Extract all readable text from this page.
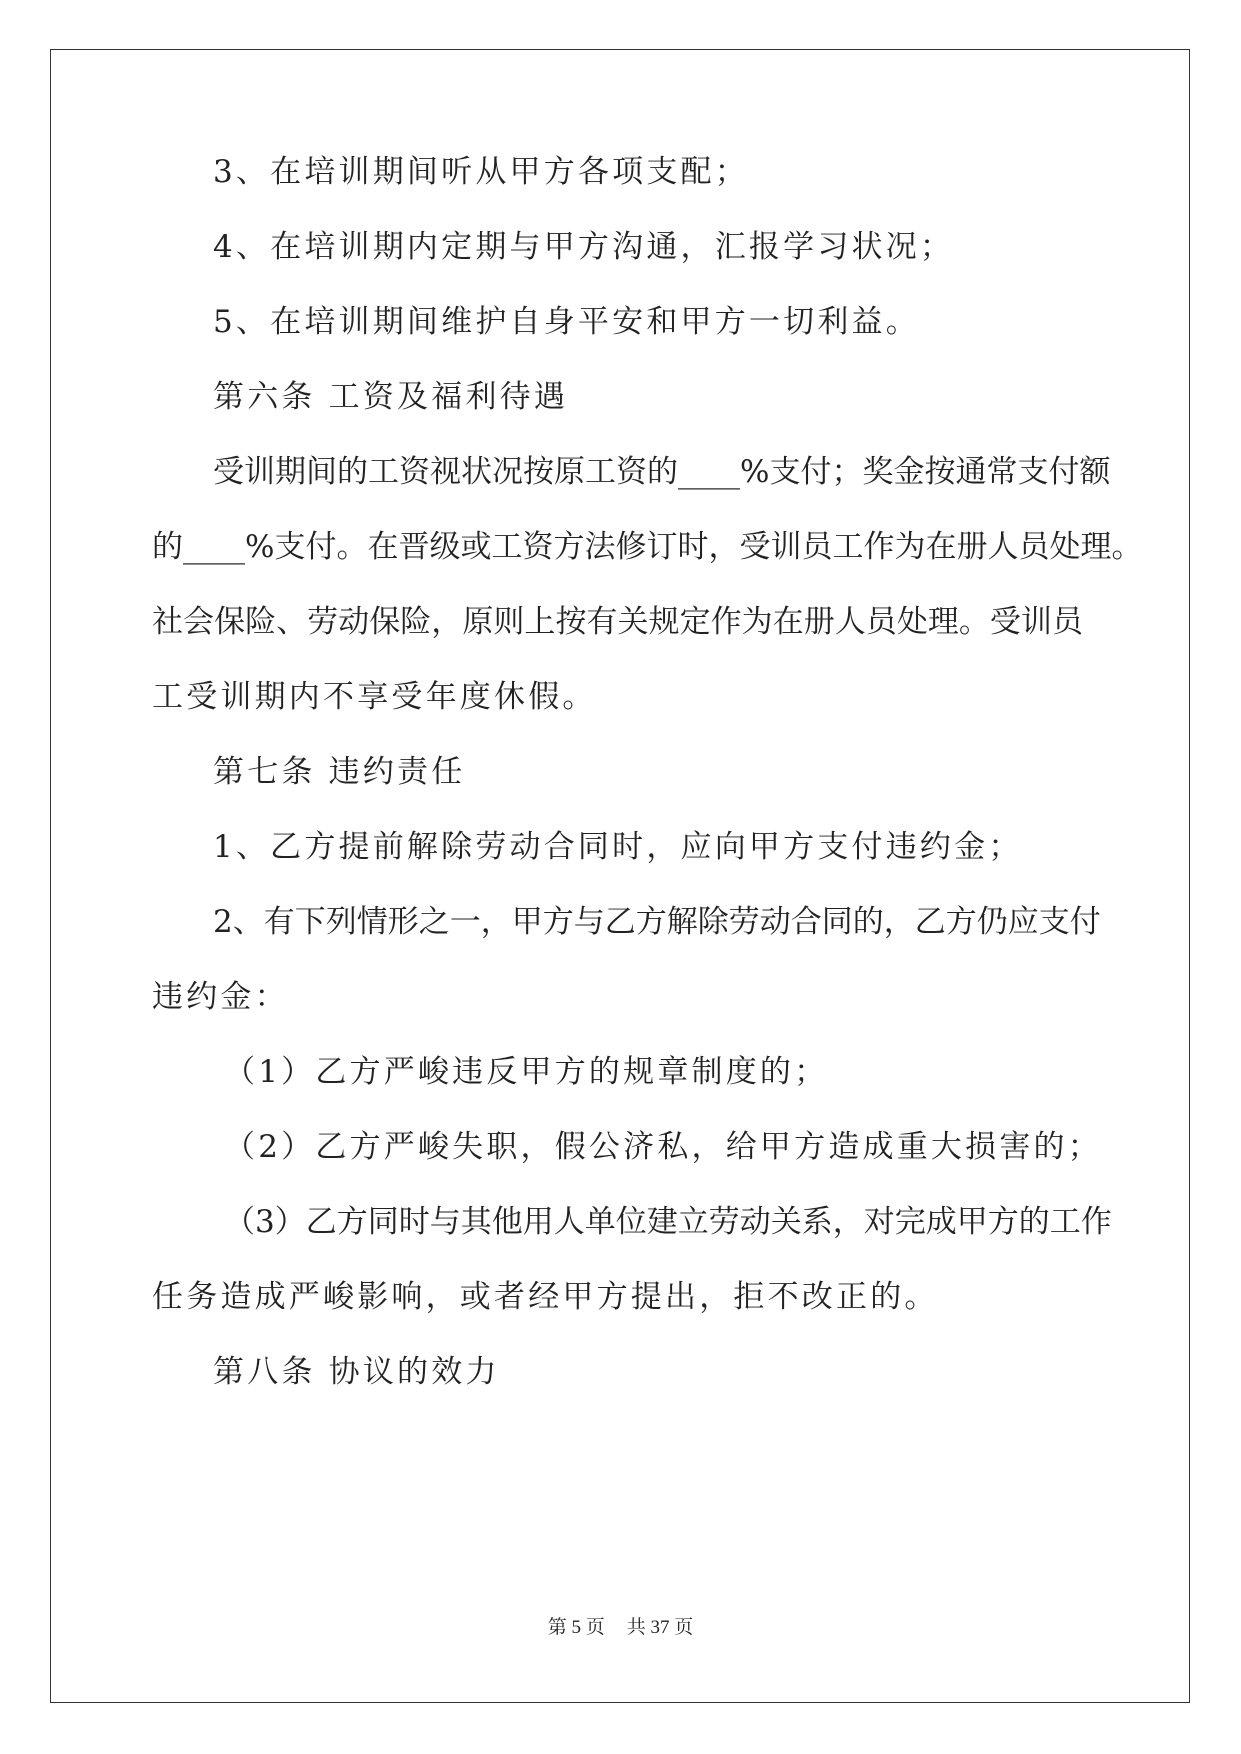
3、在培训期间听从甲方各项支配；
4、在培训期内定期与甲方沟通，汇报学习状况；
5、在培训期间维护自身平安和甲方一切利益。
第六条 工资及福利待遇
受训期间的工资视状况按原工资的____%支付；奖金按通常支付额
的____%支付。在晋级或工资方法修订时，受训员工作为在册人员处理。
社会保险、劳动保险，原则上按有关规定作为在册人员处理。受训员
工受训期内不享受年度休假。
第七条 违约责任
1、乙方提前解除劳动合同时，应向甲方支付违约金；
2、有下列情形之一，甲方与乙方解除劳动合同的，乙方仍应支付
违约金：
（1）乙方严峻违反甲方的规章制度的；
（2）乙方严峻失职，假公济私，给甲方造成重大损害的；
（3）乙方同时与其他用人单位建立劳动关系，对完成甲方的工作
任务造成严峻影响，或者经甲方提出，拒不改正的。
第八条 协议的效力
第 5 页 共 37 页
